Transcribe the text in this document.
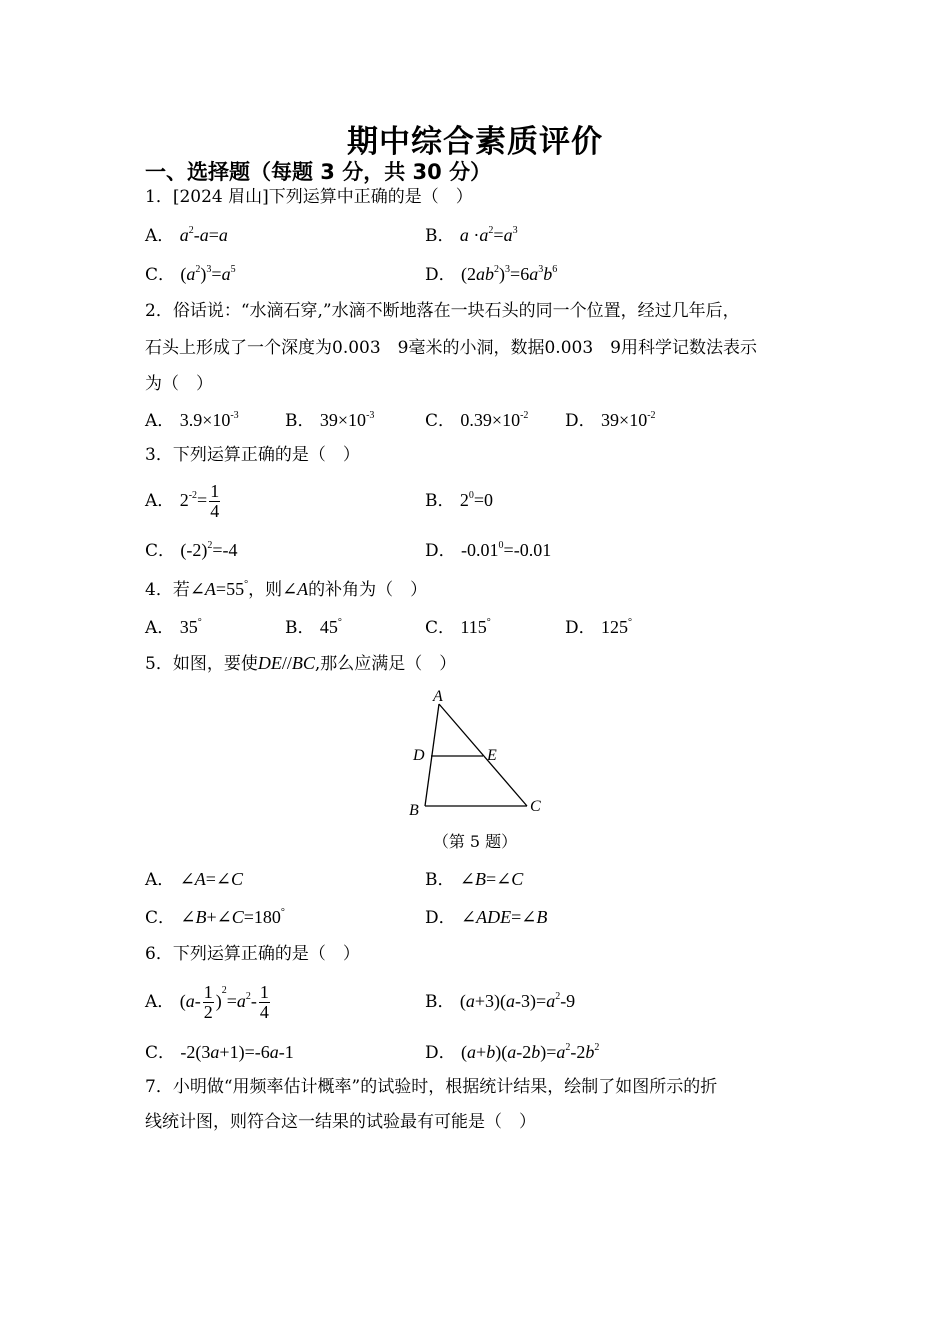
期中综合素质评价
一、选择题（每题 3 分，共 30 分）
1．[2024 眉山]下列运算中正确的是（　）
A． $a^2-a=a$	B． $a \cdot a^2=a^3$
C． $(a^2)^3=a^5$	D． $(2ab^2)^3=6a^3b^6$
2．俗话说：“水滴石穿,”水滴不断地落在一块石头的同一个位置，经过几年后，
石头上形成了一个深度为0.003　9毫米的小洞，数据0.003　9用科学记数法表示
为（　）
A． $3.9\times 10^{-3}$	B． $39\times 10^{-3}$	C． $0.39\times 10^{-2}$ D． $39\times 10^{-2}$
3．下列运算正确的是（　）
A． $2^{-2}= \frac{1}{4}$	B． $2^0=0$
C． $(-2)^2=-4$	D． $-0.01^0=-0.01$
4．若∠A=55°，则∠A的补角为（　）
A． 35°	B． 45°	C． 115°	D． 125°
5．如图，要使DE//BC,那么应满足（　）
A
D	E
B	C
（第 5 题）
A． ∠A=∠C	B． ∠B=∠C
C． ∠B+∠C=180°	D． ∠ADE=∠B
6．下列运算正确的是（　）
A． $(a- \frac{1}{2} )^2=a^2- \frac{1}{4}$	B． $(a+3)(a-3)=a^2-9$
C． -2(3a+1)=-6a-1	D． $(a+b)(a-2b)=a^2-2b^2$
7．小明做“用频率估计概率”的试验时，根据统计结果，绘制了如图所示的折
线统计图，则符合这一结果的试验最有可能是（　）
